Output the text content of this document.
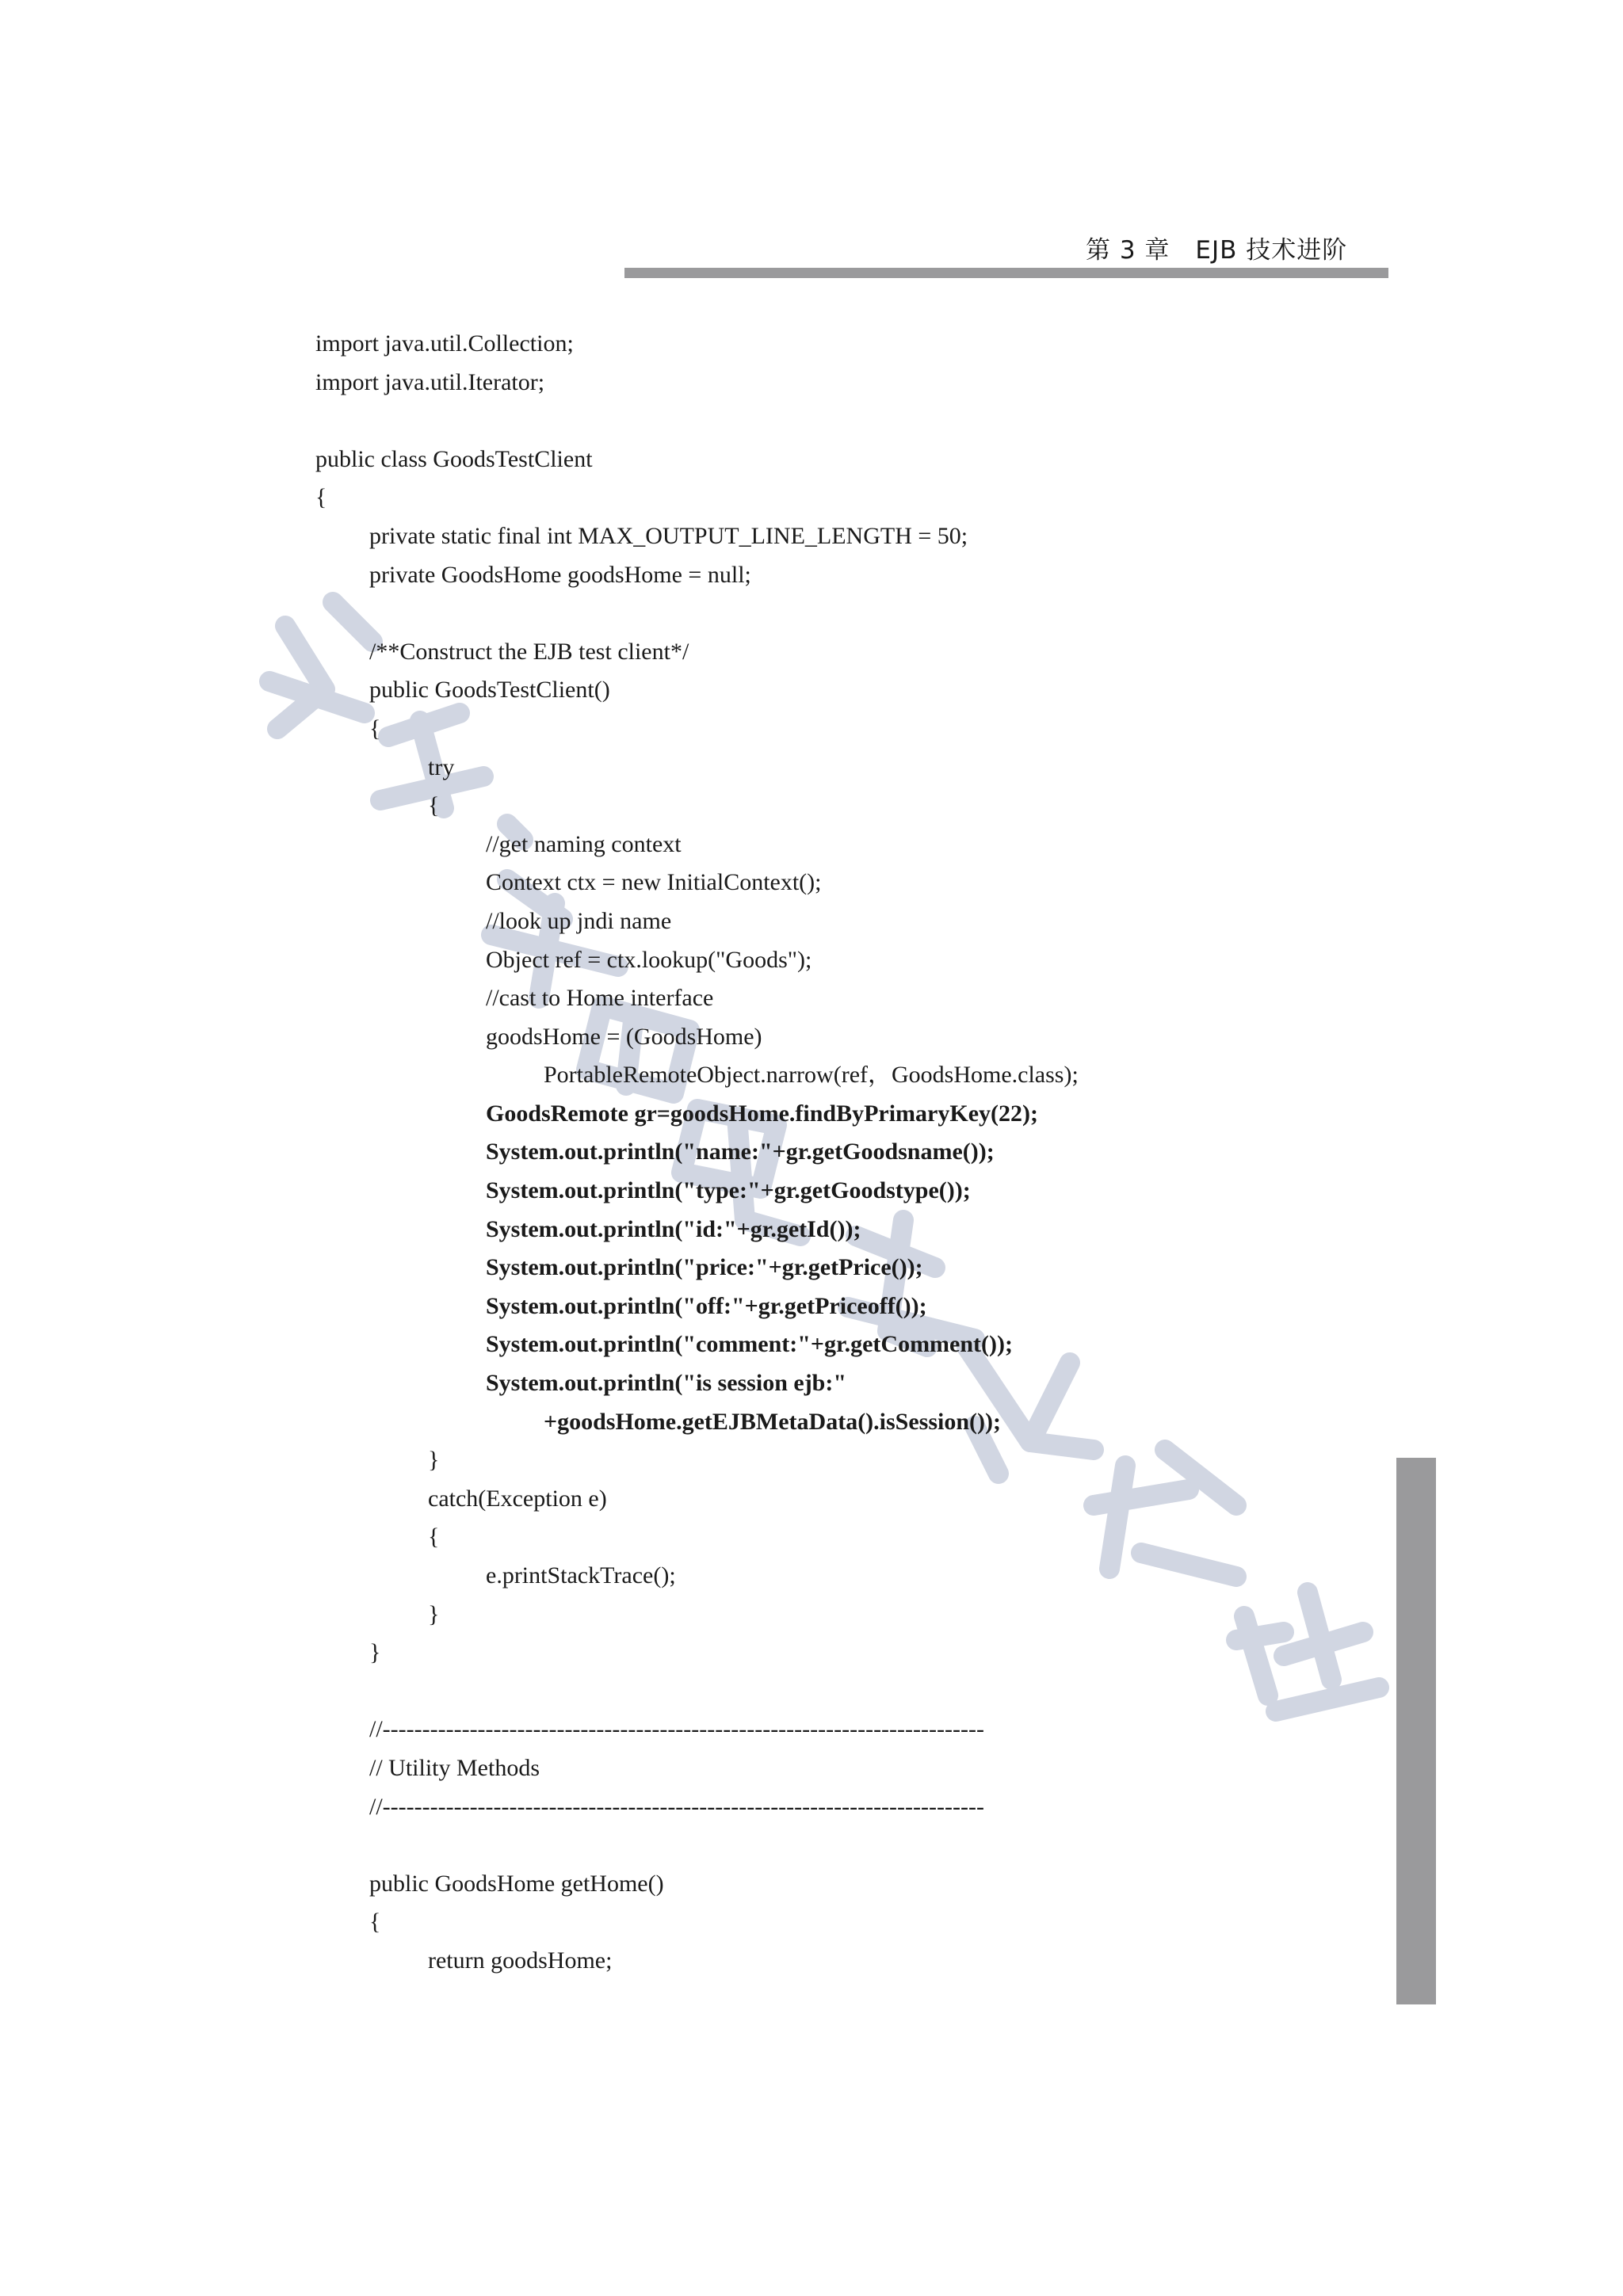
第 3 章　EJB 技术进阶
import java.util.Collection;
import java.util.Iterator;
public class GoodsTestClient
{
private static final int MAX_OUTPUT_LINE_LENGTH = 50;
private GoodsHome goodsHome = null;
/**Construct the EJB test client*/
public GoodsTestClient()
{
try
{
//get naming context
Context ctx = new InitialContext();
//look up jndi name
Object ref = ctx.lookup("Goods");
//cast to Home interface
goodsHome = (GoodsHome)
PortableRemoteObject.narrow(ref，GoodsHome.class);
GoodsRemote gr=goodsHome.findByPrimaryKey(22);
System.out.println("name:"+gr.getGoodsname());
System.out.println("type:"+gr.getGoodstype());
System.out.println("id:"+gr.getId());
System.out.println("price:"+gr.getPrice());
System.out.println("off:"+gr.getPriceoff());
System.out.println("comment:"+gr.getComment());
System.out.println("is session ejb:"
+goodsHome.getEJBMetaData().isSession());
}
catch(Exception e)
{
e.printStackTrace();
}
}
//----------------------------------------------------------------------------
// Utility Methods
//----------------------------------------------------------------------------
public GoodsHome getHome()
{
return goodsHome;
